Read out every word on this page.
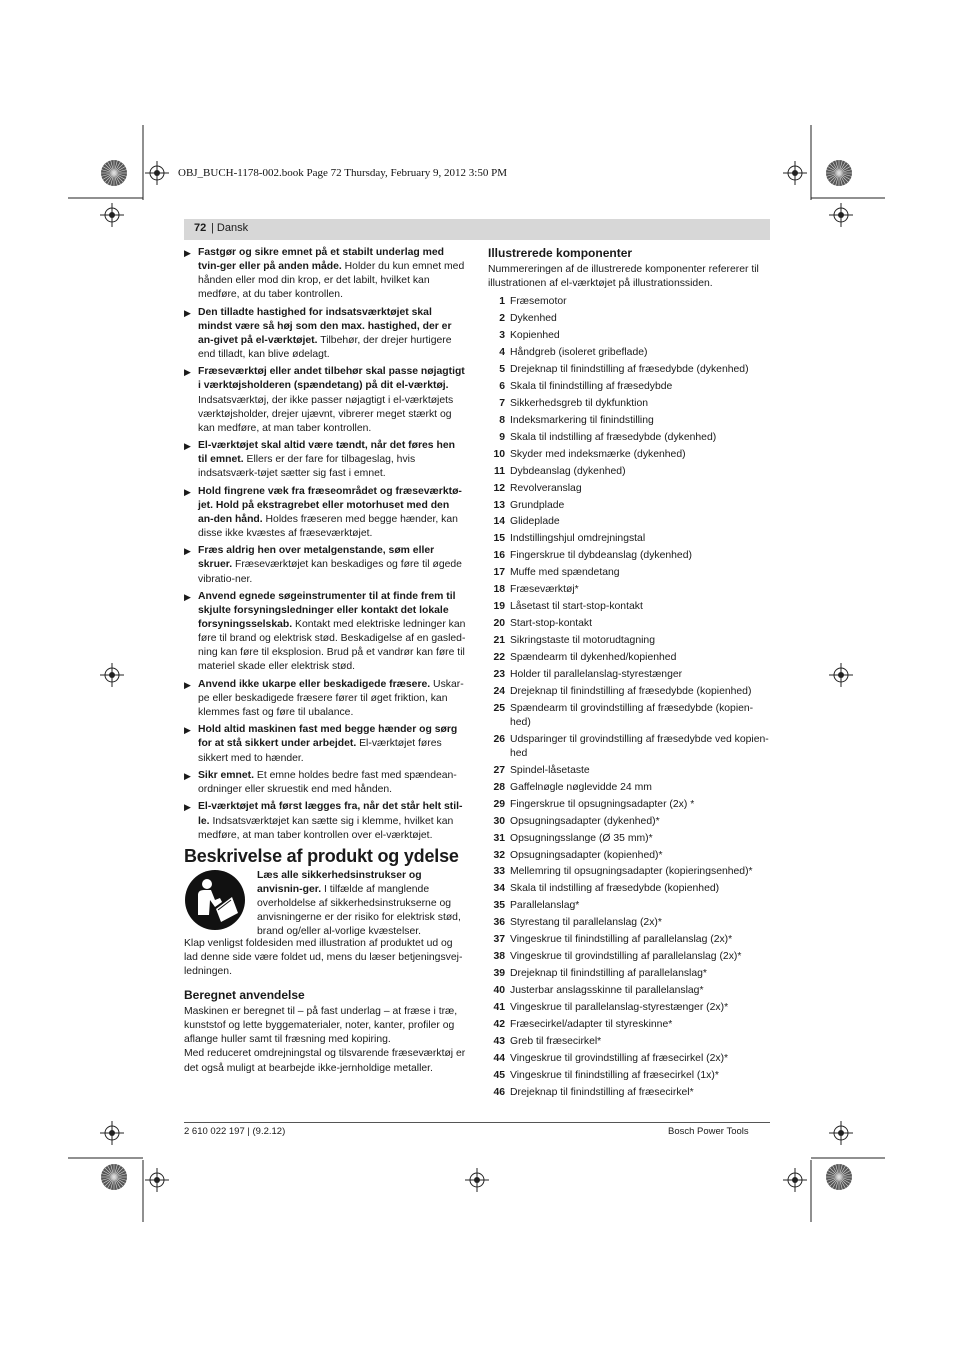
OBJ_BUCH-1178-002.book Page 72 Thursday, February 9, 2012 3:50 PM
72 | Dansk
▶ Fastgør og sikre emnet på et stabilt underlag med tvin-ger eller på anden måde. Holder du kun emnet med hånden eller mod din krop, er det labilt, hvilket kan medføre, at du taber kontrollen.
▶ Den tilladte hastighed for indsatsværktøjet skal mindst være så høj som den max. hastighed, der er an-givet på el-værktøjet. Tilbehør, der drejer hurtigere end tilladt, kan blive ødelagt.
▶ Fræseværktøj eller andet tilbehør skal passe nøjagtigt i værktøjsholderen (spændetang) på dit el-værktøj. Indsatsværktøj, der ikke passer nøjagtigt i el-værktøjets værktøjsholder, drejer ujævnt, vibrerer meget stærkt og kan medføre, at man taber kontrollen.
▶ El-værktøjet skal altid være tændt, når det føres hen til emnet. Ellers er der fare for tilbageslag, hvis indsatsværk-tøjet sætter sig fast i emnet.
▶ Hold fingrene væk fra fræseområdet og fræseværktø-jet. Hold på ekstragrebet eller motorhuset med den an-den hånd. Holdes fræseren med begge hænder, kan disse ikke kvæstes af fræseværktøjet.
▶ Fræs aldrig hen over metalgenstande, søm eller skruer. Fræseværktøjet kan beskadiges og føre til øgede vibratio-ner.
▶ Anvend egnede søgeinstrumenter til at finde frem til skjulte forsyningsledninger eller kontakt det lokale forsyningsselskab. Kontakt med elektriske ledninger kan føre til brand og elektrisk stød. Beskadigelse af en gasled-ning kan føre til eksplosion. Brud på et vandrør kan føre til materiel skade eller elektrisk stød.
▶ Anvend ikke ukarpe eller beskadigede fræsere. Uskar-pe eller beskadigede fræsere fører til øget friktion, kan klemmes fast og føre til ubalance.
▶ Hold altid maskinen fast med begge hænder og sørg for at stå sikkert under arbejdet. El-værktøjet føres sikkert med to hænder.
▶ Sikr emnet. Et emne holdes bedre fast med spændean-ordninger eller skruestik end med hånden.
▶ El-værktøjet må først lægges fra, når det står helt stil-le. Indsatsværktøjet kan sætte sig i klemme, hvilket kan medføre, at man taber kontrollen over el-værktøjet.
Beskrivelse af produkt og ydelse
Læs alle sikkerhedsinstrukser og anvisnin-ger. I tilfælde af manglende overholdelse af sikkerhedsinstrukserne og anvisningerne er der risiko for elektrisk stød, brand og/eller al-vorlige kvæstelser.

Klap venligst foldesiden med illustration af produktet ud og lad denne side være foldet ud, mens du læser betjeningsvej-ledningen.

Beregnet anvendelse

Maskinen er beregnet til – på fast underlag – at fræse i træ, kunststof og lette byggematerialer, noter, kanter, profiler og aflange huller samt til fræsning med kopiring.

Med reduceret omdrejningstal og tilsvarende fræseværktøj er det også muligt at bearbejde ikke-jernholdige metaller.

Illustrerede komponenter

Nummereringen af de illustrerede komponenter refererer til illustrationen af el-værktøjet på illustrationssiden.

1 Fræsemotor
2 Dykenhed
3 Kopienhed
4 Håndgreb (isoleret gribeflade)
5 Drejeknap til finindstilling af fræsedybde (dykenhed)
6 Skala til finindstilling af fræsedybde
7 Sikkerhedsgreb til dykfunktion
8 Indeksmarkering til finindstilling
9 Skala til indstilling af fræsedybde (dykenhed)
10 Skyder med indeksmærke (dykenhed)
11 Dybdeanslag (dykenhed)
12 Revolveranslag
13 Grundplade
14 Glideplade
15 Indstillingshjul omdrejningstal
16 Fingerskrue til dybdeanslag (dykenhed)
17 Muffe med spændetang
18 Fræseværktøj*
19 Låsetast til start-stop-kontakt
20 Start-stop-kontakt
21 Sikringstaste til motorudtagning
22 Spændearm til dykenhed/kopienhed
23 Holder til parallelanslag-styrestænger
24 Drejeknap til finindstilling af fræsedybde (kopienhed)
25 Spændearm til grovindstilling af fræsedybde (kopien-hed)
26 Udsparinger til grovindstilling af fræsedybde ved kopien-hed
27 Spindel-låsetaste
28 Gaffelnøgle nøglevidde 24 mm
29 Fingerskrue til opsugningsadapter (2x) *
30 Opsugningsadapter (dykenhed)*
31 Opsugningsslange (Ø 35 mm)*
32 Opsugningsadapter (kopienhed)*
33 Mellemring til opsugningsadapter (kopieringsenhed)*
34 Skala til indstilling af fræsedybde (kopienhed)
35 Parallelanslag*
36 Styrestang til parallelanslag (2x)*
37 Vingeskrue til finindstilling af parallelanslag (2x)*
38 Vingeskrue til grovindstilling af parallelanslag (2x)*
39 Drejeknap til finindstilling af parallelanslag*
40 Justerbar anslagsskinne til parallelanslag*
41 Vingeskrue til parallelanslag-styrestænger (2x)*
42 Fræsecirkel/adapter til styreskinne*
43 Greb til fræsecirkel*
44 Vingeskrue til grovindstilling af fræsecirkel (2x)*
45 Vingeskrue til finindstilling af fræsecirkel (1x)*
46 Drejeknap til finindstilling af fræsecirkel*
2 610 022 197 | (9.2.12)	Bosch Power Tools
